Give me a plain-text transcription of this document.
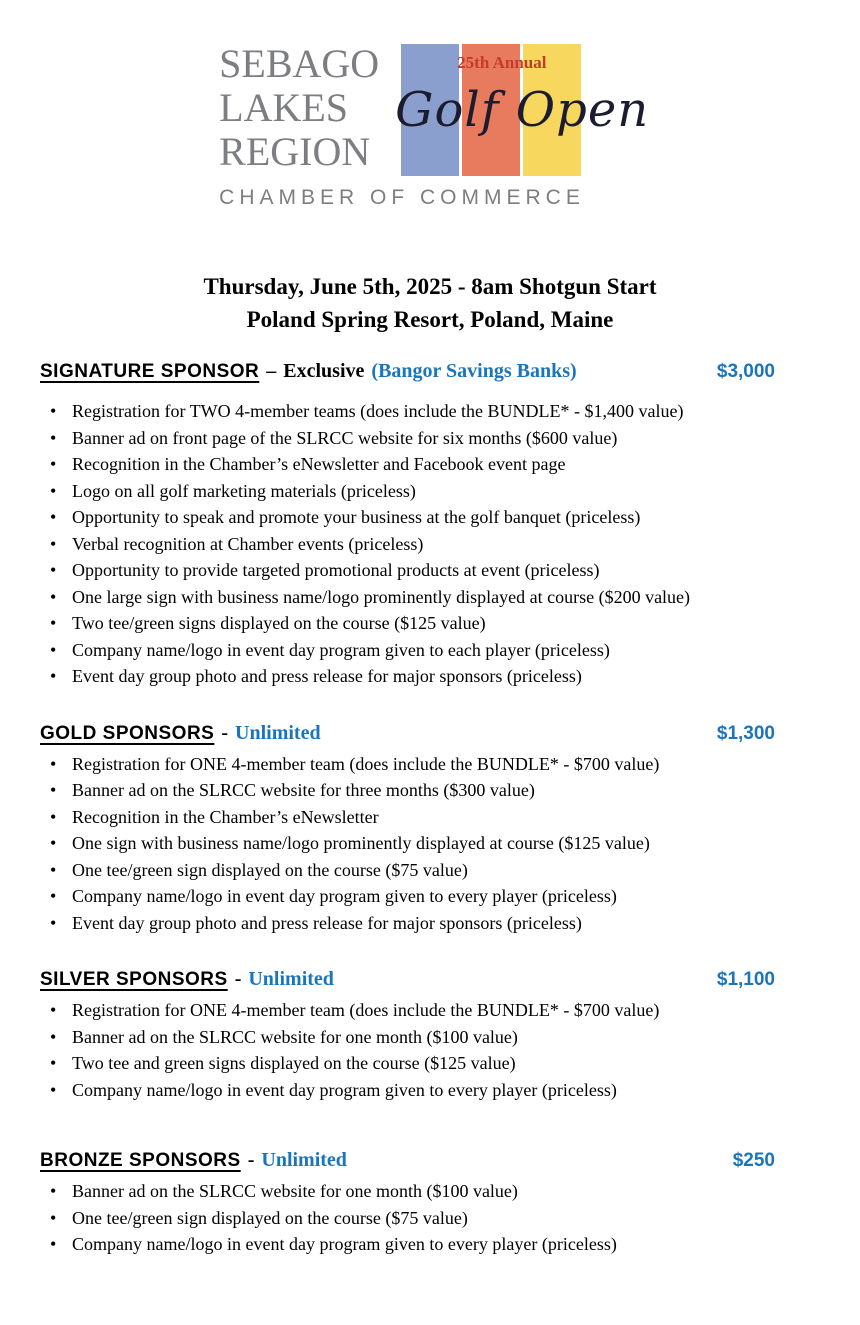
SEBAGO
LAKES
REGION
25th Annual
Golf Open
CHAMBER OF COMMERCE
Thursday, June 5th, 2025 - 8am Shotgun Start
Poland Spring Resort, Poland, Maine
SIGNATURE SPONSOR – Exclusive (Bangor Savings Banks)	$3,000
• Registration for TWO 4-member teams (does include the BUNDLE* - $1,400 value)
• Banner ad on front page of the SLRCC website for six months ($600 value)
• Recognition in the Chamber’s eNewsletter and Facebook event page
• Logo on all golf marketing materials (priceless)
• Opportunity to speak and promote your business at the golf banquet (priceless)
• Verbal recognition at Chamber events (priceless)
• Opportunity to provide targeted promotional products at event (priceless)
• One large sign with business name/logo prominently displayed at course ($200 value)
• Two tee/green signs displayed on the course ($125 value)
• Company name/logo in event day program given to each player (priceless)
• Event day group photo and press release for major sponsors (priceless)
GOLD SPONSORS - Unlimited	$1,300
• Registration for ONE 4-member team (does include the BUNDLE* - $700 value)
• Banner ad on the SLRCC website for three months ($300 value)
• Recognition in the Chamber’s eNewsletter
• One sign with business name/logo prominently displayed at course ($125 value)
• One tee/green sign displayed on the course ($75 value)
• Company name/logo in event day program given to every player (priceless)
• Event day group photo and press release for major sponsors (priceless)
SILVER SPONSORS - Unlimited	$1,100
• Registration for ONE 4-member team (does include the BUNDLE* - $700 value)
• Banner ad on the SLRCC website for one month ($100 value)
• Two tee and green signs displayed on the course ($125 value)
• Company name/logo in event day program given to every player (priceless)
BRONZE SPONSORS - Unlimited	$250
• Banner ad on the SLRCC website for one month ($100 value)
• One tee/green sign displayed on the course ($75 value)
• Company name/logo in event day program given to every player (priceless)
